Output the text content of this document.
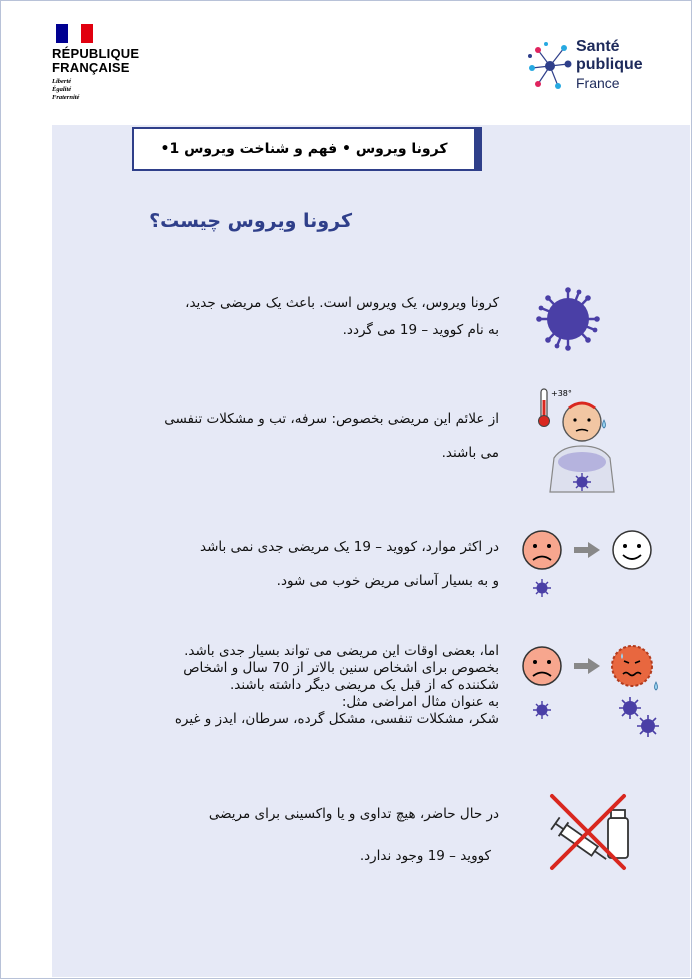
RÉPUBLIQUE
FRANÇAISE
Liberté
Égalité
Fraternité
Santé
publique
France
کرونا ویروس • فهم و شناخت ویروس 1•
کرونا ویروس چیست؟
کرونا ویروس، یک ویروس است. باعث یک مریضی جدید،
به نام کووید – 19 می گردد.
از علائم این مریضی بخصوص: سرفه، تب و مشکلات تنفسی
می باشند.
+38°
در اکثر موارد، کووید – 19 یک مریضی جدی نمی باشد
و به بسیار آسانی مریض خوب می شود.
اما، بعضی اوقات این مریضی می تواند بسیار جدی باشد.
بخصوص برای اشخاص سنین بالاتر از 70 سال و اشخاص
شکننده که از قبل یک مریضی دیگر داشته باشند.
به عنوان مثال امراضی مثل:
شکر، مشکلات تنفسی، مشکل گرده، سرطان، ایدز و غیره
در حال حاضر، هیچ تداوی و یا واکسینی برای مریضی
کووید – 19 وجود ندارد.
